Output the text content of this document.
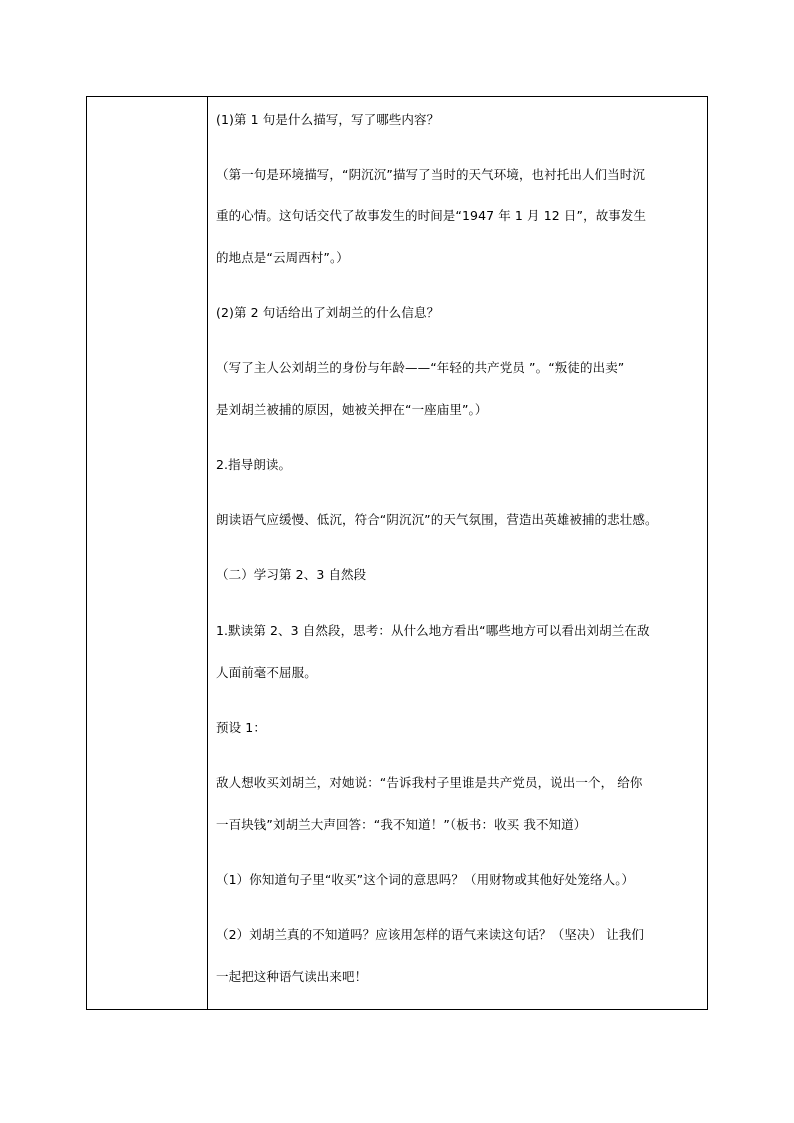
(1)第 1 句是什么描写，写了哪些内容？
（第一句是环境描写，“阴沉沉”描写了当时的天气环境，也衬托出人们当时沉
重的心情。这句话交代了故事发生的时间是“1947 年 1 月 12 日”，故事发生
的地点是“云周西村”。）
(2)第 2 句话给出了刘胡兰的什么信息？
（写了主人公刘胡兰的身份与年龄——“年轻的共产党员 ”。“叛徒的出卖”
是刘胡兰被捕的原因，她被关押在“一座庙里”。）
2.指导朗读。
朗读语气应缓慢、低沉，符合“阴沉沉”的天气氛围，营造出英雄被捕的悲壮感。
（二）学习第 2、3 自然段
1.默读第 2、3 自然段，思考：从什么地方看出“哪些地方可以看出刘胡兰在敌
人面前毫不屈服。
预设 1：
敌人想收买刘胡兰，对她说：“告诉我村子里谁是共产党员，说出一个， 给你
一百块钱”刘胡兰大声回答：“我不知道！”（板书：收买 我不知道）
（1）你知道句子里“收买”这个词的意思吗？（用财物或其他好处笼络人。）
（2）刘胡兰真的不知道吗？应该用怎样的语气来读这句话？（坚决） 让我们
一起把这种语气读出来吧！
